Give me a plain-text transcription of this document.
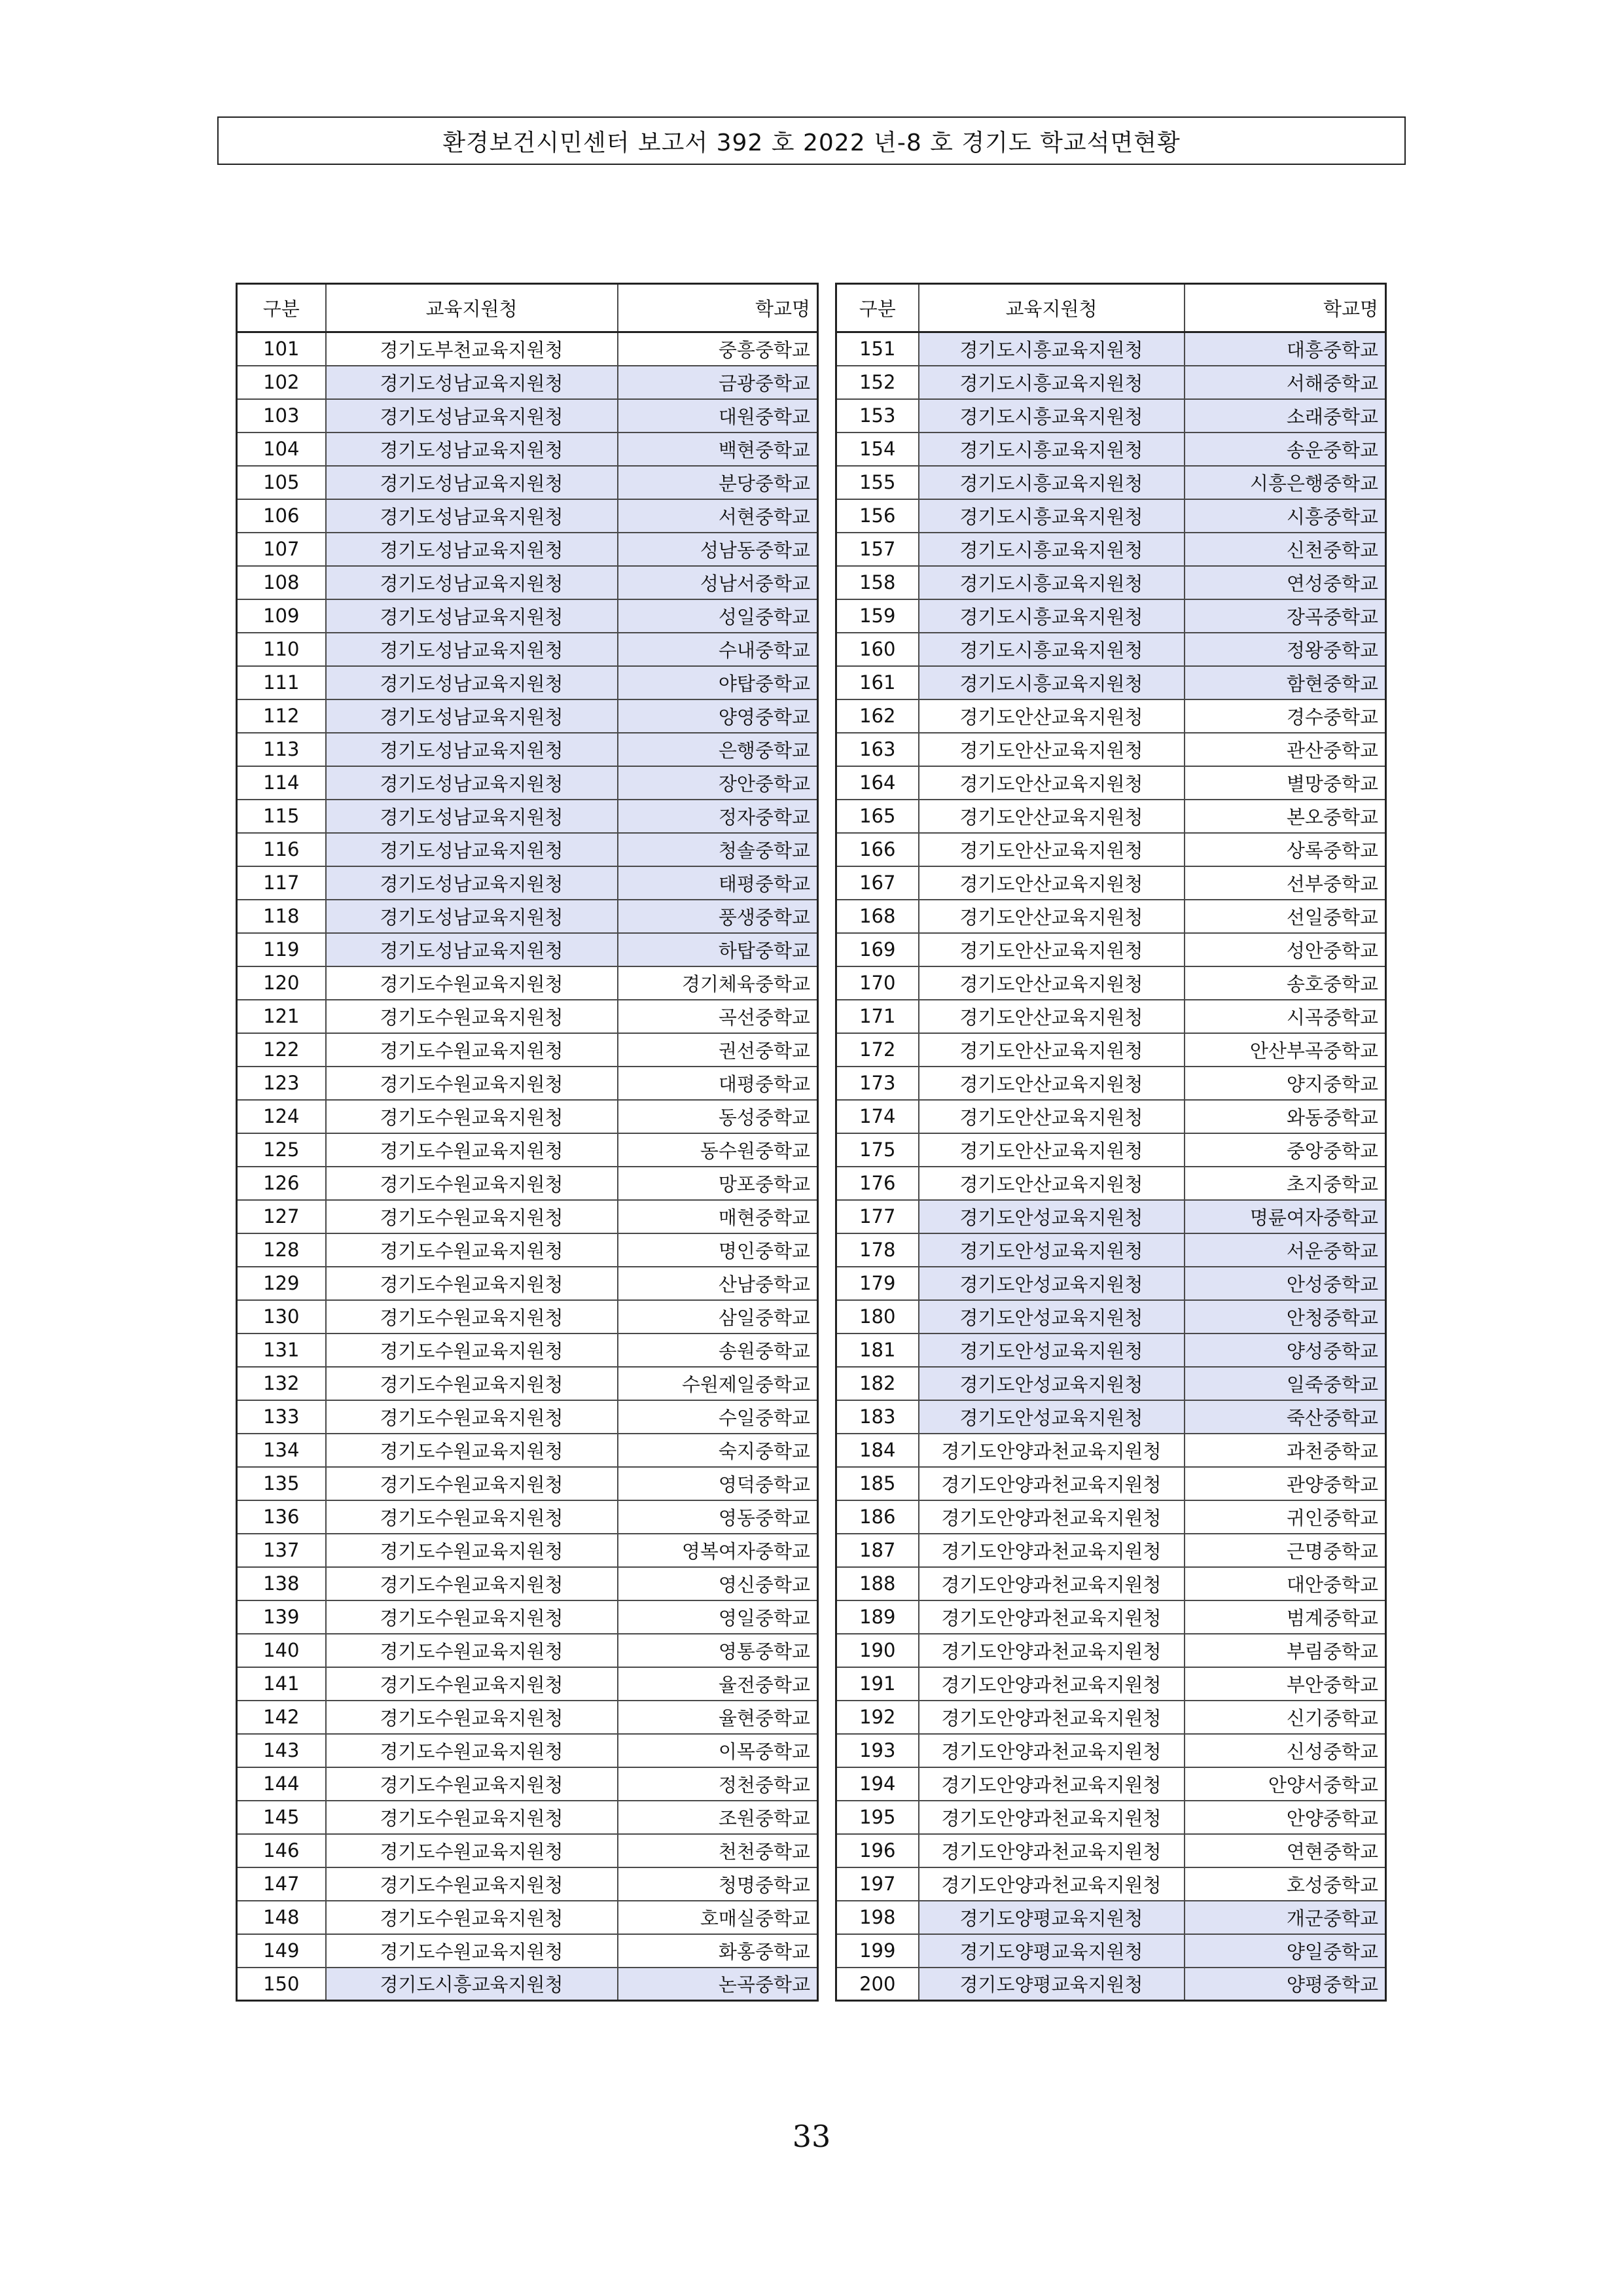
환경보건시민센터 보고서 392 호 2022 년-8 호 경기도 학교석면현황
구분	교육지원청	학교명
101	경기도부천교육지원청	중흥중학교
102	경기도성남교육지원청	금광중학교
103	경기도성남교육지원청	대원중학교
104	경기도성남교육지원청	백현중학교
105	경기도성남교육지원청	분당중학교
106	경기도성남교육지원청	서현중학교
107	경기도성남교육지원청	성남동중학교
108	경기도성남교육지원청	성남서중학교
109	경기도성남교육지원청	성일중학교
110	경기도성남교육지원청	수내중학교
111	경기도성남교육지원청	야탑중학교
112	경기도성남교육지원청	양영중학교
113	경기도성남교육지원청	은행중학교
114	경기도성남교육지원청	장안중학교
115	경기도성남교육지원청	정자중학교
116	경기도성남교육지원청	청솔중학교
117	경기도성남교육지원청	태평중학교
118	경기도성남교육지원청	풍생중학교
119	경기도성남교육지원청	하탑중학교
120	경기도수원교육지원청	경기체육중학교
121	경기도수원교육지원청	곡선중학교
122	경기도수원교육지원청	권선중학교
123	경기도수원교육지원청	대평중학교
124	경기도수원교육지원청	동성중학교
125	경기도수원교육지원청	동수원중학교
126	경기도수원교육지원청	망포중학교
127	경기도수원교육지원청	매현중학교
128	경기도수원교육지원청	명인중학교
129	경기도수원교육지원청	산남중학교
130	경기도수원교육지원청	삼일중학교
131	경기도수원교육지원청	송원중학교
132	경기도수원교육지원청	수원제일중학교
133	경기도수원교육지원청	수일중학교
134	경기도수원교육지원청	숙지중학교
135	경기도수원교육지원청	영덕중학교
136	경기도수원교육지원청	영동중학교
137	경기도수원교육지원청	영복여자중학교
138	경기도수원교육지원청	영신중학교
139	경기도수원교육지원청	영일중학교
140	경기도수원교육지원청	영통중학교
141	경기도수원교육지원청	율전중학교
142	경기도수원교육지원청	율현중학교
143	경기도수원교육지원청	이목중학교
144	경기도수원교육지원청	정천중학교
145	경기도수원교육지원청	조원중학교
146	경기도수원교육지원청	천천중학교
147	경기도수원교육지원청	청명중학교
148	경기도수원교육지원청	호매실중학교
149	경기도수원교육지원청	화홍중학교
150	경기도시흥교육지원청	논곡중학교
구분	교육지원청	학교명
151	경기도시흥교육지원청	대흥중학교
152	경기도시흥교육지원청	서해중학교
153	경기도시흥교육지원청	소래중학교
154	경기도시흥교육지원청	송운중학교
155	경기도시흥교육지원청	시흥은행중학교
156	경기도시흥교육지원청	시흥중학교
157	경기도시흥교육지원청	신천중학교
158	경기도시흥교육지원청	연성중학교
159	경기도시흥교육지원청	장곡중학교
160	경기도시흥교육지원청	정왕중학교
161	경기도시흥교육지원청	함현중학교
162	경기도안산교육지원청	경수중학교
163	경기도안산교육지원청	관산중학교
164	경기도안산교육지원청	별망중학교
165	경기도안산교육지원청	본오중학교
166	경기도안산교육지원청	상록중학교
167	경기도안산교육지원청	선부중학교
168	경기도안산교육지원청	선일중학교
169	경기도안산교육지원청	성안중학교
170	경기도안산교육지원청	송호중학교
171	경기도안산교육지원청	시곡중학교
172	경기도안산교육지원청	안산부곡중학교
173	경기도안산교육지원청	양지중학교
174	경기도안산교육지원청	와동중학교
175	경기도안산교육지원청	중앙중학교
176	경기도안산교육지원청	초지중학교
177	경기도안성교육지원청	명륜여자중학교
178	경기도안성교육지원청	서운중학교
179	경기도안성교육지원청	안성중학교
180	경기도안성교육지원청	안청중학교
181	경기도안성교육지원청	양성중학교
182	경기도안성교육지원청	일죽중학교
183	경기도안성교육지원청	죽산중학교
184	경기도안양과천교육지원청	과천중학교
185	경기도안양과천교육지원청	관양중학교
186	경기도안양과천교육지원청	귀인중학교
187	경기도안양과천교육지원청	근명중학교
188	경기도안양과천교육지원청	대안중학교
189	경기도안양과천교육지원청	범계중학교
190	경기도안양과천교육지원청	부림중학교
191	경기도안양과천교육지원청	부안중학교
192	경기도안양과천교육지원청	신기중학교
193	경기도안양과천교육지원청	신성중학교
194	경기도안양과천교육지원청	안양서중학교
195	경기도안양과천교육지원청	안양중학교
196	경기도안양과천교육지원청	연현중학교
197	경기도안양과천교육지원청	호성중학교
198	경기도양평교육지원청	개군중학교
199	경기도양평교육지원청	양일중학교
200	경기도양평교육지원청	양평중학교
33
